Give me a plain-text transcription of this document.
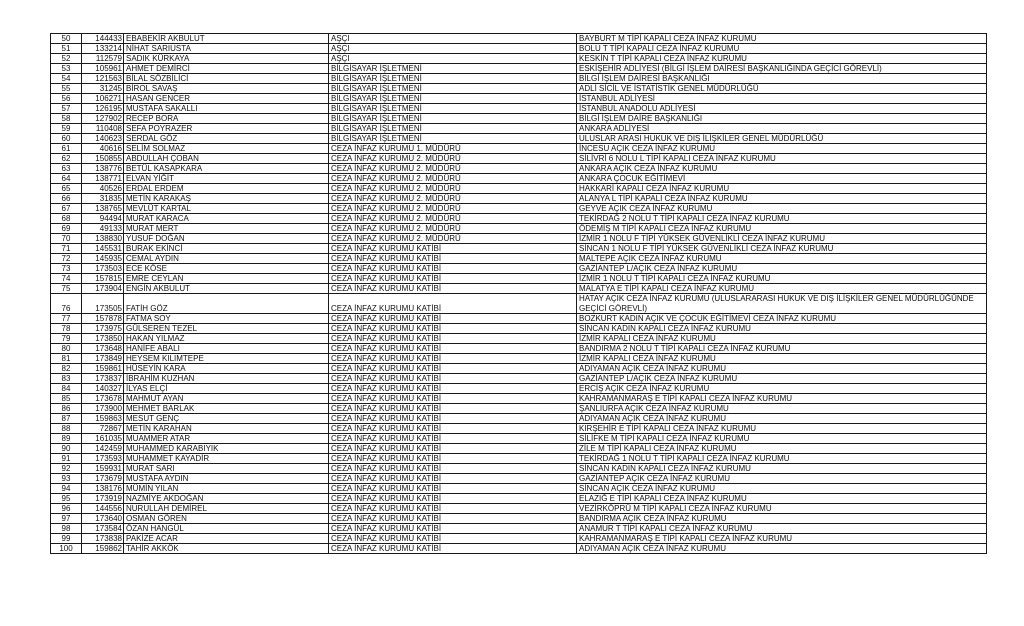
50	144433	EBABEKİR AKBULUT	AŞÇI	BAYBURT M TİPİ KAPALI CEZA İNFAZ KURUMU
51	133214	NİHAT SARIUSTA	AŞÇI	BOLU T TİPİ KAPALI CEZA İNFAZ KURUMU
52	112579	SADIK KÜRKAYA	AŞÇI	KESKİN T TİPİ KAPALI CEZA İNFAZ KURUMU
53	105961	AHMET DEMİRCİ	BİLGİSAYAR İŞLETMENİ	ESKİŞEHİR ADLİYESİ (BİLGİ İŞLEM DAİRESİ BAŞKANLIĞINDA GEÇİCİ GÖREVLİ)
54	121563	BİLAL SÖZBİLİCİ	BİLGİSAYAR İŞLETMENİ	BİLGİ İŞLEM DAİRESİ BAŞKANLIĞI
55	31245	BİROL SAVAŞ	BİLGİSAYAR İŞLETMENİ	ADLİ SİCİL VE İSTATİSTİK GENEL MÜDÜRLÜĞÜ
56	106271	HASAN GENCER	BİLGİSAYAR İŞLETMENİ	İSTANBUL ADLİYESİ
57	126195	MUSTAFA SAKALLI	BİLGİSAYAR İŞLETMENİ	İSTANBUL ANADOLU ADLİYESİ
58	127902	RECEP BORA	BİLGİSAYAR İŞLETMENİ	BİLGİ İŞLEM DAİRE BAŞKANLIĞI
59	110408	SEFA POYRAZER	BİLGİSAYAR İŞLETMENİ	ANKARA ADLİYESİ
60	140623	SERDAL GÖZ	BİLGİSAYAR İŞLETMENİ	ULUSLAR ARASI HUKUK VE DIŞ İLİŞKİLER GENEL MÜDÜRLÜĞÜ
61	40616	SELİM SOLMAZ	CEZA İNFAZ KURUMU 1. MÜDÜRÜ	İNCESU AÇIK CEZA İNFAZ KURUMU
62	150855	ABDULLAH ÇOBAN	CEZA İNFAZ KURUMU 2. MÜDÜRÜ	SİLİVRİ 6 NOLU L TİPİ KAPALI CEZA İNFAZ KURUMU
63	138776	BETÜL KASAPKARA	CEZA İNFAZ KURUMU 2. MÜDÜRÜ	ANKARA AÇIK CEZA İNFAZ KURUMU
64	138771	ELVAN YİĞİT	CEZA İNFAZ KURUMU 2. MÜDÜRÜ	ANKARA ÇOCUK EĞİTİMEVİ
65	40526	ERDAL ERDEM	CEZA İNFAZ KURUMU 2. MÜDÜRÜ	HAKKARİ KAPALI CEZA İNFAZ KURUMU
66	31835	METİN KARAKAŞ	CEZA İNFAZ KURUMU 2. MÜDÜRÜ	ALANYA L TİPİ KAPALI CEZA İNFAZ KURUMU
67	138765	MEVLÜT KARTAL	CEZA İNFAZ KURUMU 2. MÜDÜRÜ	GEYVE AÇIK CEZA İNFAZ KURUMU
68	94494	MURAT KARACA	CEZA İNFAZ KURUMU 2. MÜDÜRÜ	TEKİRDAĞ 2 NOLU T TİPİ KAPALI CEZA İNFAZ KURUMU
69	49133	MURAT MERT	CEZA İNFAZ KURUMU 2. MÜDÜRÜ	ÖDEMİŞ M TİPİ KAPALI CEZA İNFAZ KURUMU
70	138830	YUSUF DOĞAN	CEZA İNFAZ KURUMU 2. MÜDÜRÜ	İZMİR 1 NOLU F TİPİ YÜKSEK GÜVENLİKLİ CEZA İNFAZ KURUMU
71	145531	BURAK EKİNCİ	CEZA İNFAZ KURUMU KATİBİ	SİNCAN 1 NOLU F TİPİ YÜKSEK GÜVENLİKLİ CEZA İNFAZ KURUMU
72	145935	CEMAL AYDIN	CEZA İNFAZ KURUMU KATİBİ	MALTEPE AÇIK CEZA İNFAZ KURUMU
73	173503	ECE KÖSE	CEZA İNFAZ KURUMU KATİBİ	GAZİANTEP L/AÇIK CEZA İNFAZ KURUMU
74	157815	EMRE CEYLAN	CEZA İNFAZ KURUMU KATİBİ	İZMİR 1 NOLU T TİPİ KAPALI CEZA İNFAZ KURUMU
75	173904	ENGİN AKBULUT	CEZA İNFAZ KURUMU KATİBİ	MALATYA E TİPİ KAPALI CEZA İNFAZ KURUMU
76	173505	FATİH GÖZ	CEZA İNFAZ KURUMU KATİBİ	HATAY AÇIK CEZA İNFAZ KURUMU (ULUSLARARASI HUKUK VE DIŞ İLİŞKİLER GENEL MÜDÜRLÜĞÜNDE GEÇİCİ GÖREVLİ)
77	157878	FATMA SOY	CEZA İNFAZ KURUMU KATİBİ	BOZKURT KADIN AÇIK VE ÇOCUK EĞİTİMEVİ CEZA İNFAZ KURUMU
78	173975	GÜLSEREN TEZEL	CEZA İNFAZ KURUMU KATİBİ	SİNCAN KADIN KAPALI CEZA İNFAZ KURUMU
79	173850	HAKAN YILMAZ	CEZA İNFAZ KURUMU KATİBİ	İZMİR KAPALI CEZA İNFAZ KURUMU
80	173648	HANİFE ABALI	CEZA İNFAZ KURUMU KATİBİ	BANDIRMA 2 NOLU T TİPİ KAPALI CEZA İNFAZ KURUMU
81	173849	HEYSEM KILIMTEPE	CEZA İNFAZ KURUMU KATİBİ	İZMİR KAPALI CEZA İNFAZ KURUMU
82	159861	HÜSEYİN KARA	CEZA İNFAZ KURUMU KATİBİ	ADIYAMAN AÇIK CEZA İNFAZ KURUMU
83	173837	İBRAHİM KUZHAN	CEZA İNFAZ KURUMU KATİBİ	GAZİANTEP L/AÇIK CEZA İNFAZ KURUMU
84	140327	İLYAS ELÇİ	CEZA İNFAZ KURUMU KATİBİ	ERCİŞ AÇIK CEZA İNFAZ KURUMU
85	173678	MAHMUT AYAN	CEZA İNFAZ KURUMU KATİBİ	KAHRAMANMARAŞ E TİPİ KAPALI CEZA İNFAZ KURUMU
86	173900	MEHMET BARLAK	CEZA İNFAZ KURUMU KATİBİ	ŞANLIURFA AÇIK CEZA İNFAZ KURUMU
87	159863	MESUT GENÇ	CEZA İNFAZ KURUMU KATİBİ	ADIYAMAN AÇIK CEZA İNFAZ KURUMU
88	72867	METİN KARAHAN	CEZA İNFAZ KURUMU KATİBİ	KIRŞEHİR E TİPİ KAPALI CEZA İNFAZ KURUMU
89	161035	MUAMMER ATAR	CEZA İNFAZ KURUMU KATİBİ	SİLİFKE M TİPİ KAPALI CEZA İNFAZ KURUMU
90	142459	MUHAMMED KARABIYIK	CEZA İNFAZ KURUMU KATİBİ	ZİLE M TİPİ KAPALI CEZA İNFAZ KURUMU
91	173593	MUHAMMET KAYADİR	CEZA İNFAZ KURUMU KATİBİ	TEKİRDAĞ 1 NOLU T TİPİ KAPALI CEZA İNFAZ KURUMU
92	159931	MURAT SARI	CEZA İNFAZ KURUMU KATİBİ	SİNCAN KADIN KAPALI CEZA İNFAZ KURUMU
93	173679	MUSTAFA AYDIN	CEZA İNFAZ KURUMU KATİBİ	GAZİANTEP AÇIK CEZA İNFAZ KURUMU
94	138176	MÜMİN YILAN	CEZA İNFAZ KURUMU KATİBİ	SİNCAN AÇIK CEZA İNFAZ KURUMU
95	173919	NAZMİYE AKDOĞAN	CEZA İNFAZ KURUMU KATİBİ	ELAZIĞ E TİPİ KAPALI CEZA İNFAZ KURUMU
96	144556	NURULLAH DEMİREL	CEZA İNFAZ KURUMU KATİBİ	VEZİRKÖPRÜ M TİPİ KAPALI CEZA İNFAZ KURUMU
97	173640	OSMAN GÖREN	CEZA İNFAZ KURUMU KATİBİ	BANDIRMA AÇIK CEZA İNFAZ KURUMU
98	173584	ÖZAN HANGÜL	CEZA İNFAZ KURUMU KATİBİ	ANAMUR T TİPİ KAPALI CEZA İNFAZ KURUMU
99	173838	PAKİZE ACAR	CEZA İNFAZ KURUMU KATİBİ	KAHRAMANMARAŞ E TİPİ KAPALI CEZA İNFAZ KURUMU
100	159862	TAHİR AKKÖK	CEZA İNFAZ KURUMU KATİBİ	ADIYAMAN AÇIK CEZA İNFAZ KURUMU
